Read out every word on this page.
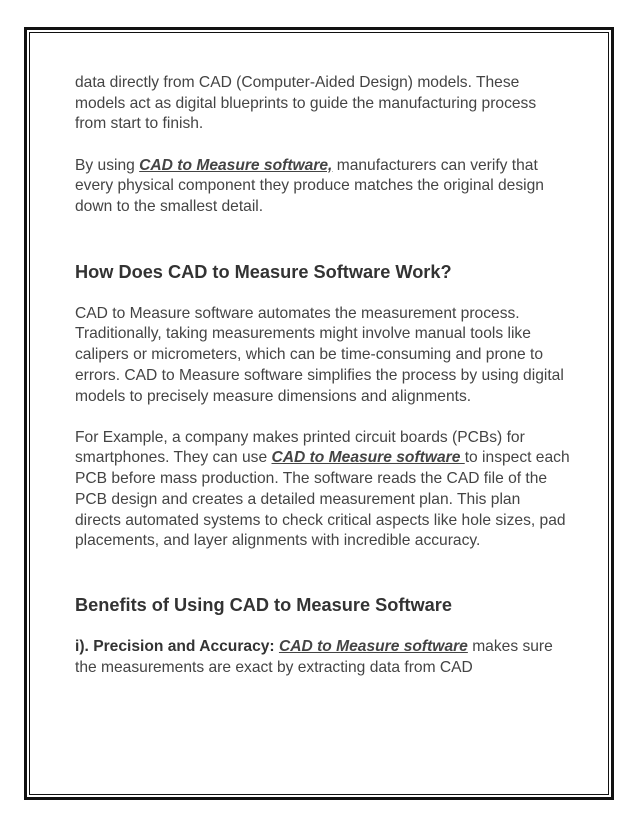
data directly from CAD (Computer-Aided Design) models. These models act as digital blueprints to guide the manufacturing process from start to finish.

By using CAD to Measure software, manufacturers can verify that every physical component they produce matches the original design down to the smallest detail.

How Does CAD to Measure Software Work?

CAD to Measure software automates the measurement process. Traditionally, taking measurements might involve manual tools like calipers or micrometers, which can be time-consuming and prone to errors. CAD to Measure software simplifies the process by using digital models to precisely measure dimensions and alignments.

For Example, a company makes printed circuit boards (PCBs) for smartphones. They can use CAD to Measure software to inspect each PCB before mass production. The software reads the CAD file of the PCB design and creates a detailed measurement plan. This plan directs automated systems to check critical aspects like hole sizes, pad placements, and layer alignments with incredible accuracy.

Benefits of Using CAD to Measure Software

i). Precision and Accuracy: CAD to Measure software makes sure the measurements are exact by extracting data from CAD
